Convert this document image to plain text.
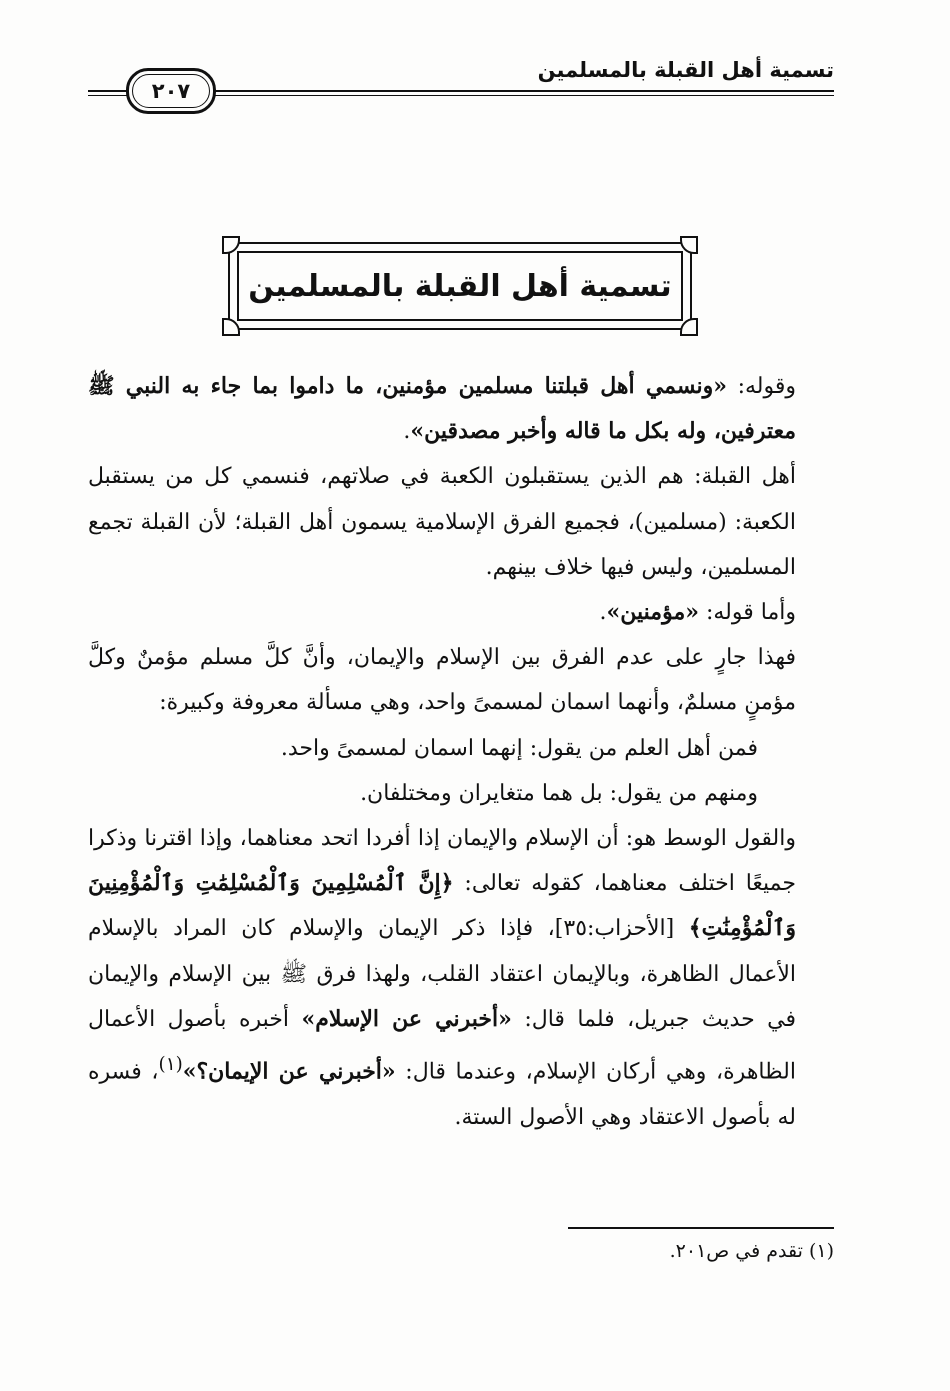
تسمية أهل القبلة بالمسلمين
٢٠٧
تسمية أهل القبلة بالمسلمين

وقوله: «ونسمي أهل قبلتنا مسلمين مؤمنين، ما داموا بما جاء به النبي ﷺ معترفين، وله بكل ما قاله وأخبر مصدقين».

أهل القبلة: هم الذين يستقبلون الكعبة في صلاتهم، فنسمي كل من يستقبل الكعبة: (مسلمين)، فجميع الفرق الإسلامية يسمون أهل القبلة؛ لأن القبلة تجمع المسلمين، وليس فيها خلاف بينهم.

وأما قوله: «مؤمنين».

فهذا جارٍ على عدم الفرق بين الإسلام والإيمان، وأنَّ كلَّ مسلم مؤمنٌ وكلَّ مؤمنٍ مسلمٌ، وأنهما اسمان لمسمىً واحد، وهي مسألة معروفة وكبيرة:

فمن أهل العلم من يقول: إنهما اسمان لمسمىً واحد.

ومنهم من يقول: بل هما متغايران ومختلفان.

والقول الوسط هو: أن الإسلام والإيمان إذا أفردا اتحد معناهما، وإذا اقترنا وذكرا جميعًا اختلف معناهما، كقوله تعالى: ﴿إِنَّ ٱلْمُسْلِمِينَ وَٱلْمُسْلِمَٰتِ وَٱلْمُؤْمِنِينَ وَٱلْمُؤْمِنَٰتِ﴾ [الأحزاب:٣٥]، فإذا ذكر الإيمان والإسلام كان المراد بالإسلام الأعمال الظاهرة، وبالإيمان اعتقاد القلب، ولهذا فرق ﷺ بين الإسلام والإيمان في حديث جبريل، فلما قال: «أخبرني عن الإسلام» أخبره بأصول الأعمال الظاهرة، وهي أركان الإسلام، وعندما قال: «أخبرني عن الإيمان؟»$^{(١)}$، فسره له بأصول الاعتقاد وهي الأصول الستة.

(١) تقدم في ص٢٠١.
